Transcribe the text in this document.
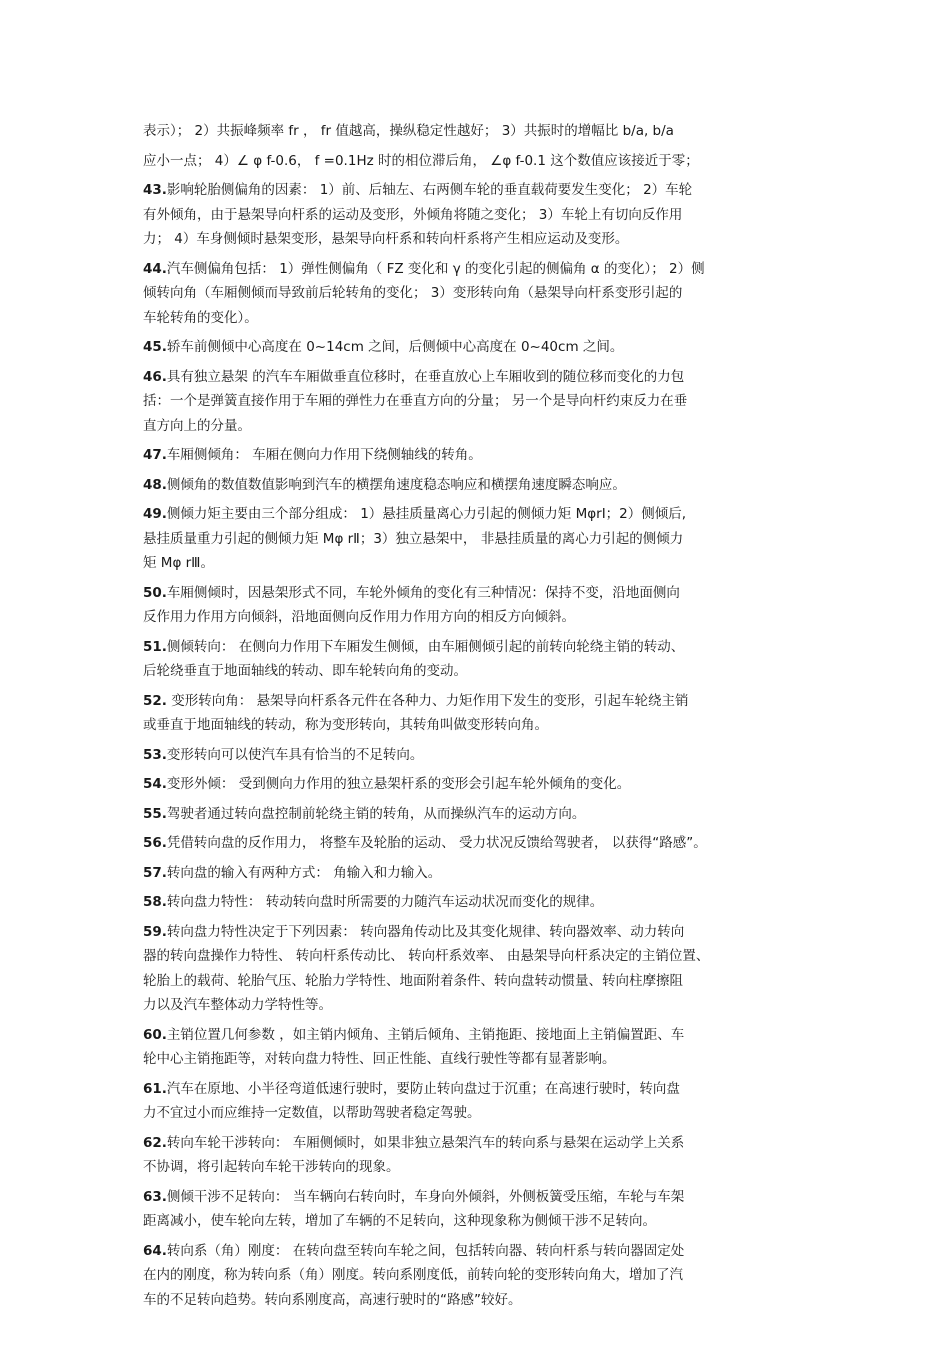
表示）； 2）共振峰频率 fr ， fr 值越高，操纵稳定性越好； 3）共振时的增幅比 b/a, b/a

应小一点； 4）∠ φ f-0.6， f =0.1Hz 时的相位滞后角， ∠φ f-0.1 这个数值应该接近于零；

43.影响轮胎侧偏角的因素： 1）前、后轴左、右两侧车轮的垂直载荷要发生变化； 2）车轮
有外倾角，由于悬架导向杆系的运动及变形，外倾角将随之变化； 3）车轮上有切向反作用
力； 4）车身侧倾时悬架变形，悬架导向杆系和转向杆系将产生相应运动及变形。

44.汽车侧偏角包括： 1）弹性侧偏角（ FZ 变化和 γ 的变化引起的侧偏角 α 的变化）； 2）侧
倾转向角（车厢侧倾而导致前后轮转角的变化； 3）变形转向角（悬架导向杆系变形引起的
车轮转角的变化）。

45.轿车前侧倾中心高度在 0~14cm 之间，后侧倾中心高度在 0~40cm 之间。

46.具有独立悬架 的汽车车厢做垂直位移时，在垂直放心上车厢收到的随位移而变化的力包
括：一个是弹簧直接作用于车厢的弹性力在垂直方向的分量； 另一个是导向杆约束反力在垂
直方向上的分量。

47.车厢侧倾角： 车厢在侧向力作用下绕侧轴线的转角。

48.侧倾角的数值数值影响到汽车的横摆角速度稳态响应和横摆角速度瞬态响应。

49.侧倾力矩主要由三个部分组成： 1）悬挂质量离心力引起的侧倾力矩 MφrⅠ；2）侧倾后,
悬挂质量重力引起的侧倾力矩 Mφ rⅡ；3）独立悬架中， 非悬挂质量的离心力引起的侧倾力
矩 Mφ rⅢ。

50.车厢侧倾时，因悬架形式不同，车轮外倾角的变化有三种情况：保持不变，沿地面侧向
反作用力作用方向倾斜，沿地面侧向反作用力作用方向的相反方向倾斜。

51.侧倾转向： 在侧向力作用下车厢发生侧倾，由车厢侧倾引起的前转向轮绕主销的转动、
后轮绕垂直于地面轴线的转动、即车轮转向角的变动。

52. 变形转向角： 悬架导向杆系各元件在各种力、力矩作用下发生的变形，引起车轮绕主销
或垂直于地面轴线的转动，称为变形转向，其转角叫做变形转向角。

53.变形转向可以使汽车具有恰当的不足转向。

54.变形外倾： 受到侧向力作用的独立悬架杆系的变形会引起车轮外倾角的变化。

55.驾驶者通过转向盘控制前轮绕主销的转角，从而操纵汽车的运动方向。

56.凭借转向盘的反作用力， 将整车及轮胎的运动、 受力状况反馈给驾驶者， 以获得“路感”。

57.转向盘的输入有两种方式： 角输入和力输入。

58.转向盘力特性： 转动转向盘时所需要的力随汽车运动状况而变化的规律。

59.转向盘力特性决定于下列因素： 转向器角传动比及其变化规律、转向器效率、动力转向
器的转向盘操作力特性、 转向杆系传动比、 转向杆系效率、 由悬架导向杆系决定的主销位置、
轮胎上的载荷、轮胎气压、轮胎力学特性、地面附着条件、转向盘转动惯量、转向柱摩擦阻
力以及汽车整体动力学特性等。

60.主销位置几何参数 ，如主销内倾角、主销后倾角、主销拖距、接地面上主销偏置距、车
轮中心主销拖距等，对转向盘力特性、回正性能、直线行驶性等都有显著影响。

61.汽车在原地、小半径弯道低速行驶时，要防止转向盘过于沉重；在高速行驶时，转向盘
力不宜过小而应维持一定数值，以帮助驾驶者稳定驾驶。

62.转向车轮干涉转向： 车厢侧倾时，如果非独立悬架汽车的转向系与悬架在运动学上关系
不协调，将引起转向车轮干涉转向的现象。

63.侧倾干涉不足转向： 当车辆向右转向时，车身向外倾斜，外侧板簧受压缩，车轮与车架
距离减小，使车轮向左转，增加了车辆的不足转向，这种现象称为侧倾干涉不足转向。

64.转向系（角）刚度： 在转向盘至转向车轮之间，包括转向器、转向杆系与转向器固定处
在内的刚度，称为转向系（角）刚度。转向系刚度低，前转向轮的变形转向角大，增加了汽
车的不足转向趋势。转向系刚度高，高速行驶时的“路感”较好。
